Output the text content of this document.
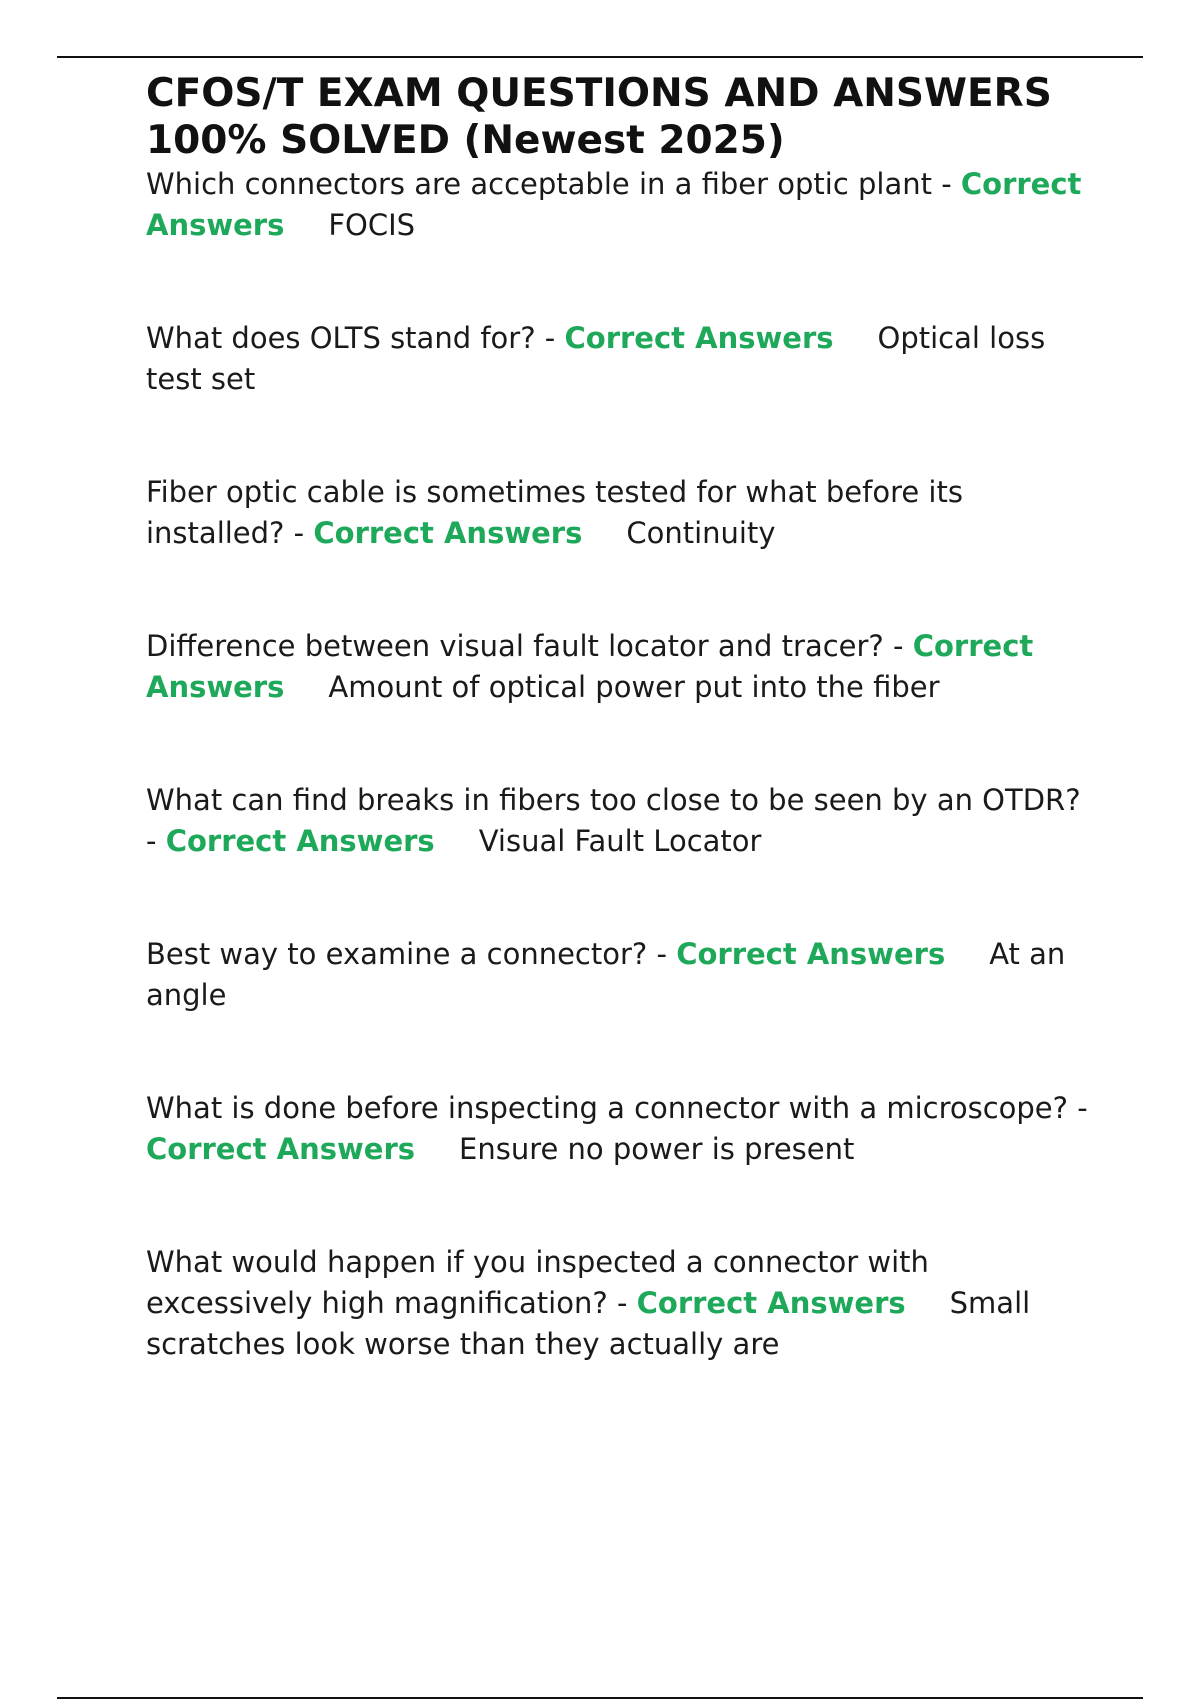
CFOS/T EXAM QUESTIONS AND ANSWERS 100% SOLVED (Newest 2025)

Which connectors are acceptable in a fiber optic plant - Correct Answers FOCIS

What does OLTS stand for? - Correct Answers Optical loss test set

Fiber optic cable is sometimes tested for what before its installed? - Correct Answers Continuity

Difference between visual fault locator and tracer? - Correct Answers Amount of optical power put into the fiber

What can find breaks in fibers too close to be seen by an OTDR? - Correct Answers Visual Fault Locator

Best way to examine a connector? - Correct Answers At an angle

What is done before inspecting a connector with a microscope? - Correct Answers Ensure no power is present

What would happen if you inspected a connector with excessively high magnification? - Correct Answers Small scratches look worse than they actually are
